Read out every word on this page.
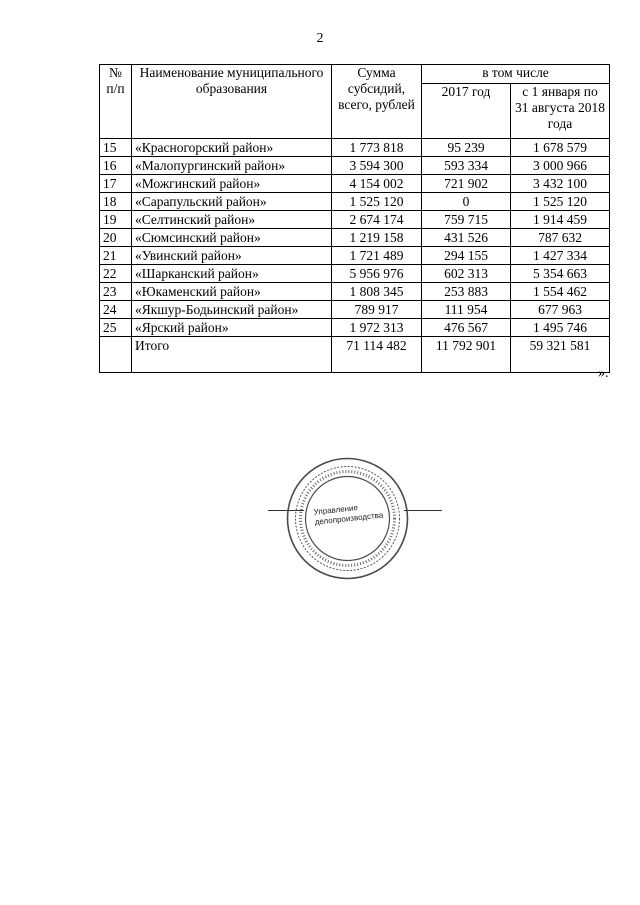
2
№ п/п	Наименование муниципального образования	Сумма субсидий, всего, рублей	в том числе	
			2017 год	с 1 января по 31 августа 2018 года
15	«Красногорский район»	1 773 818	95 239	1 678 579
16	«Малопургинский район»	3 594 300	593 334	3 000 966
17	«Можгинский район»	4 154 002	721 902	3 432 100
18	«Сарапульский район»	1 525 120	0	1 525 120
19	«Селтинский район»	2 674 174	759 715	1 914 459
20	«Сюмсинский район»	1 219 158	431 526	787 632
21	«Увинский район»	1 721 489	294 155	1 427 334
22	«Шарканский район»	5 956 976	602 313	5 354 663
23	«Юкаменский район»	1 808 345	253 883	1 554 462
24	«Якшур-Бодьинский район»	789 917	111 954	677 963
25	«Ярский район»	1 972 313	476 567	1 495 746
	Итого	71 114 482	11 792 901	59 321 581
».
Управление делопроизводства
